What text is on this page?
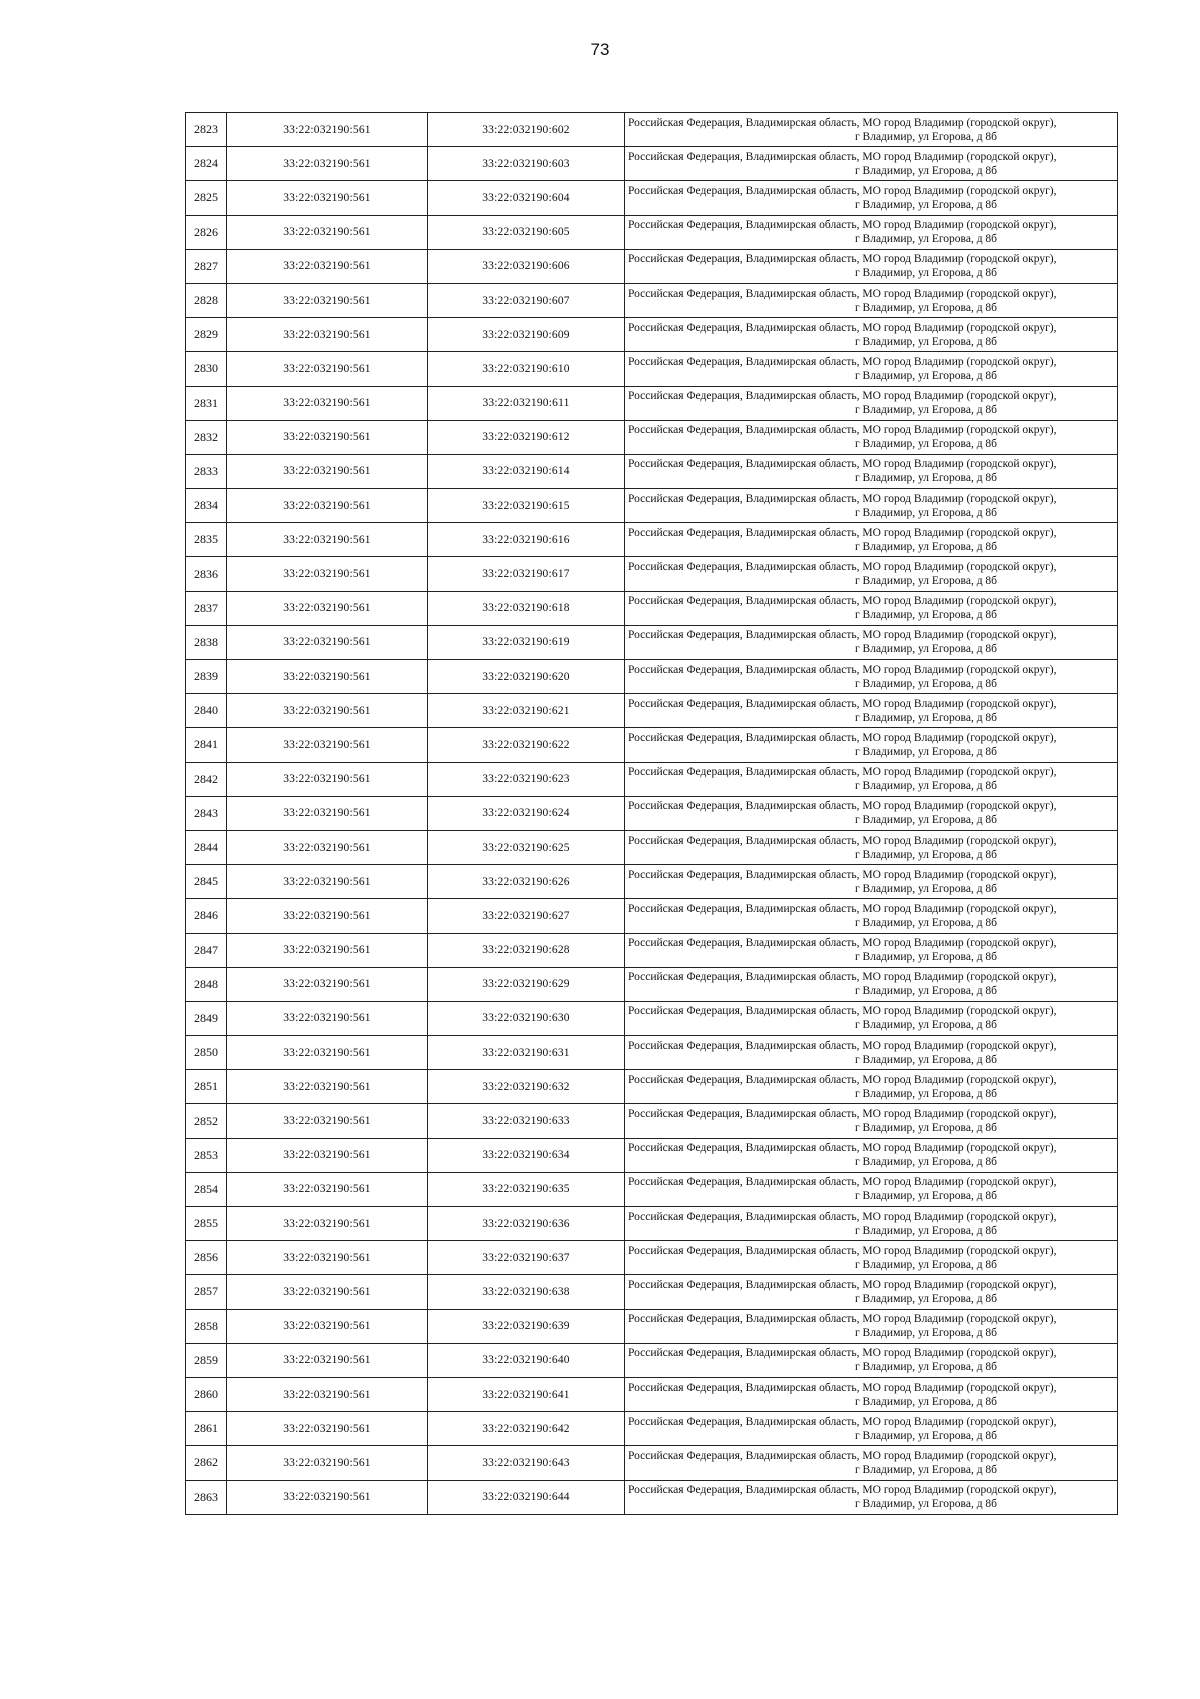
73
2823	33:22:032190:561	33:22:032190:602	Российская Федерация, Владимирская область, МО город Владимир (городской округ),
г Владимир, ул Егорова, д 8б

2824	33:22:032190:561	33:22:032190:603	Российская Федерация, Владимирская область, МО город Владимир (городской округ),
г Владимир, ул Егорова, д 8б

2825	33:22:032190:561	33:22:032190:604	Российская Федерация, Владимирская область, МО город Владимир (городской округ),
г Владимир, ул Егорова, д 8б

2826	33:22:032190:561	33:22:032190:605	Российская Федерация, Владимирская область, МО город Владимир (городской округ),
г Владимир, ул Егорова, д 8б

2827	33:22:032190:561	33:22:032190:606	Российская Федерация, Владимирская область, МО город Владимир (городской округ),
г Владимир, ул Егорова, д 8б

2828	33:22:032190:561	33:22:032190:607	Российская Федерация, Владимирская область, МО город Владимир (городской округ),
г Владимир, ул Егорова, д 8б

2829	33:22:032190:561	33:22:032190:609	Российская Федерация, Владимирская область, МО город Владимир (городской округ),
г Владимир, ул Егорова, д 8б

2830	33:22:032190:561	33:22:032190:610	Российская Федерация, Владимирская область, МО город Владимир (городской округ),
г Владимир, ул Егорова, д 8б

2831	33:22:032190:561	33:22:032190:611	Российская Федерация, Владимирская область, МО город Владимир (городской округ),
г Владимир, ул Егорова, д 8б

2832	33:22:032190:561	33:22:032190:612	Российская Федерация, Владимирская область, МО город Владимир (городской округ),
г Владимир, ул Егорова, д 8б

2833	33:22:032190:561	33:22:032190:614	Российская Федерация, Владимирская область, МО город Владимир (городской округ),
г Владимир, ул Егорова, д 8б

2834	33:22:032190:561	33:22:032190:615	Российская Федерация, Владимирская область, МО город Владимир (городской округ),
г Владимир, ул Егорова, д 8б

2835	33:22:032190:561	33:22:032190:616	Российская Федерация, Владимирская область, МО город Владимир (городской округ),
г Владимир, ул Егорова, д 8б

2836	33:22:032190:561	33:22:032190:617	Российская Федерация, Владимирская область, МО город Владимир (городской округ),
г Владимир, ул Егорова, д 8б

2837	33:22:032190:561	33:22:032190:618	Российская Федерация, Владимирская область, МО город Владимир (городской округ),
г Владимир, ул Егорова, д 8б

2838	33:22:032190:561	33:22:032190:619	Российская Федерация, Владимирская область, МО город Владимир (городской округ),
г Владимир, ул Егорова, д 8б

2839	33:22:032190:561	33:22:032190:620	Российская Федерация, Владимирская область, МО город Владимир (городской округ),
г Владимир, ул Егорова, д 8б

2840	33:22:032190:561	33:22:032190:621	Российская Федерация, Владимирская область, МО город Владимир (городской округ),
г Владимир, ул Егорова, д 8б

2841	33:22:032190:561	33:22:032190:622	Российская Федерация, Владимирская область, МО город Владимир (городской округ),
г Владимир, ул Егорова, д 8б

2842	33:22:032190:561	33:22:032190:623	Российская Федерация, Владимирская область, МО город Владимир (городской округ),
г Владимир, ул Егорова, д 8б

2843	33:22:032190:561	33:22:032190:624	Российская Федерация, Владимирская область, МО город Владимир (городской округ),
г Владимир, ул Егорова, д 8б

2844	33:22:032190:561	33:22:032190:625	Российская Федерация, Владимирская область, МО город Владимир (городской округ),
г Владимир, ул Егорова, д 8б

2845	33:22:032190:561	33:22:032190:626	Российская Федерация, Владимирская область, МО город Владимир (городской округ),
г Владимир, ул Егорова, д 8б

2846	33:22:032190:561	33:22:032190:627	Российская Федерация, Владимирская область, МО город Владимир (городской округ),
г Владимир, ул Егорова, д 8б

2847	33:22:032190:561	33:22:032190:628	Российская Федерация, Владимирская область, МО город Владимир (городской округ),
г Владимир, ул Егорова, д 8б

2848	33:22:032190:561	33:22:032190:629	Российская Федерация, Владимирская область, МО город Владимир (городской округ),
г Владимир, ул Егорова, д 8б

2849	33:22:032190:561	33:22:032190:630	Российская Федерация, Владимирская область, МО город Владимир (городской округ),
г Владимир, ул Егорова, д 8б

2850	33:22:032190:561	33:22:032190:631	Российская Федерация, Владимирская область, МО город Владимир (городской округ),
г Владимир, ул Егорова, д 8б

2851	33:22:032190:561	33:22:032190:632	Российская Федерация, Владимирская область, МО город Владимир (городской округ),
г Владимир, ул Егорова, д 8б

2852	33:22:032190:561	33:22:032190:633	Российская Федерация, Владимирская область, МО город Владимир (городской округ),
г Владимир, ул Егорова, д 8б

2853	33:22:032190:561	33:22:032190:634	Российская Федерация, Владимирская область, МО город Владимир (городской округ),
г Владимир, ул Егорова, д 8б

2854	33:22:032190:561	33:22:032190:635	Российская Федерация, Владимирская область, МО город Владимир (городской округ),
г Владимир, ул Егорова, д 8б

2855	33:22:032190:561	33:22:032190:636	Российская Федерация, Владимирская область, МО город Владимир (городской округ),
г Владимир, ул Егорова, д 8б

2856	33:22:032190:561	33:22:032190:637	Российская Федерация, Владимирская область, МО город Владимир (городской округ),
г Владимир, ул Егорова, д 8б

2857	33:22:032190:561	33:22:032190:638	Российская Федерация, Владимирская область, МО город Владимир (городской округ),
г Владимир, ул Егорова, д 8б

2858	33:22:032190:561	33:22:032190:639	Российская Федерация, Владимирская область, МО город Владимир (городской округ),
г Владимир, ул Егорова, д 8б

2859	33:22:032190:561	33:22:032190:640	Российская Федерация, Владимирская область, МО город Владимир (городской округ),
г Владимир, ул Егорова, д 8б

2860	33:22:032190:561	33:22:032190:641	Российская Федерация, Владимирская область, МО город Владимир (городской округ),
г Владимир, ул Егорова, д 8б

2861	33:22:032190:561	33:22:032190:642	Российская Федерация, Владимирская область, МО город Владимир (городской округ),
г Владимир, ул Егорова, д 8б

2862	33:22:032190:561	33:22:032190:643	Российская Федерация, Владимирская область, МО город Владимир (городской округ),
г Владимир, ул Егорова, д 8б

2863	33:22:032190:561	33:22:032190:644	Российская Федерация, Владимирская область, МО город Владимир (городской округ),
г Владимир, ул Егорова, д 8б
